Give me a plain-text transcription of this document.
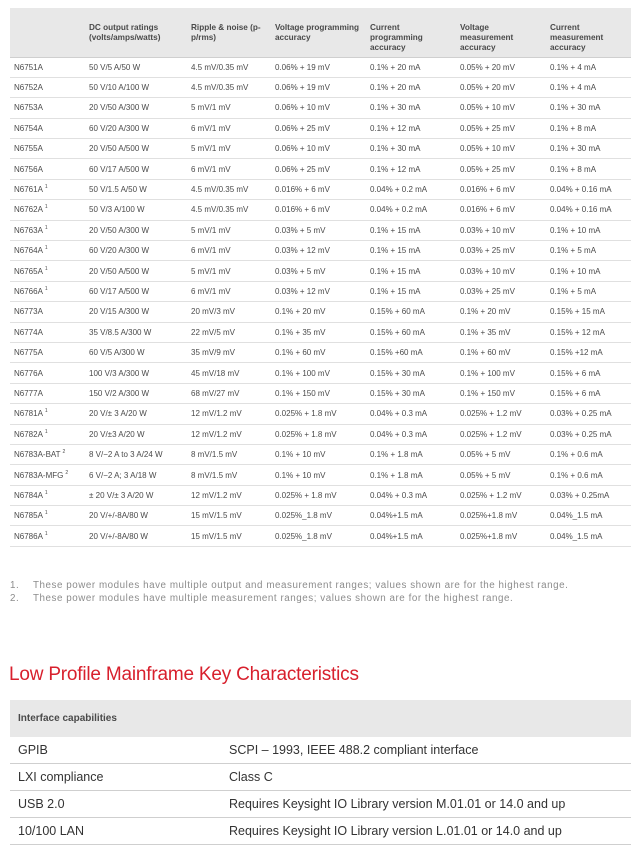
	DC output ratings (volts/amps/watts)	Ripple & noise (p-p/rms)	Voltage programming accuracy	Current programming accuracy	Voltage measurement accuracy	Current measurement accuracy
N6751A	50 V/5 A/50 W	4.5 mV/0.35 mV	0.06% + 19 mV	0.1% + 20 mA	0.05% + 20 mV	0.1% + 4 mA
N6752A	50 V/10 A/100 W	4.5 mV/0.35 mV	0.06% + 19 mV	0.1% + 20 mA	0.05% + 20 mV	0.1% + 4 mA
N6753A	20 V/50 A/300 W	5 mV/1 mV	0.06% + 10 mV	0.1% + 30 mA	0.05% + 10 mV	0.1% + 30 mA
N6754A	60 V/20 A/300 W	6 mV/1 mV	0.06% + 25 mV	0.1% + 12 mA	0.05% + 25 mV	0.1% + 8 mA
N6755A	20 V/50 A/500 W	5 mV/1 mV	0.06% + 10 mV	0.1% + 30 mA	0.05% + 10 mV	0.1% + 30 mA
N6756A	60 V/17 A/500 W	6 mV/1 mV	0.06% + 25 mV	0.1% + 12 mA	0.05% + 25 mV	0.1% + 8 mA
N6761A $^1$	50 V/1.5 A/50 W	4.5 mV/0.35 mV	0.016% + 6 mV	0.04% + 0.2 mA	0.016% + 6 mV	0.04% + 0.16 mA
N6762A $^1$	50 V/3 A/100 W	4.5 mV/0.35 mV	0.016% + 6 mV	0.04% + 0.2 mA	0.016% + 6 mV	0.04% + 0.16 mA
N6763A $^1$	20 V/50 A/300 W	5 mV/1 mV	0.03% + 5 mV	0.1% + 15 mA	0.03% + 10 mV	0.1% + 10 mA
N6764A $^1$	60 V/20 A/300 W	6 mV/1 mV	0.03% + 12 mV	0.1% + 15 mA	0.03% + 25 mV	0.1% + 5 mA
N6765A $^1$	20 V/50 A/500 W	5 mV/1 mV	0.03% + 5 mV	0.1% + 15 mA	0.03% + 10 mV	0.1% + 10 mA
N6766A $^1$	60 V/17 A/500 W	6 mV/1 mV	0.03% + 12 mV	0.1% + 15 mA	0.03% + 25 mV	0.1% + 5 mA
N6773A	20 V/15 A/300 W	20 mV/3 mV	0.1% + 20 mV	0.15% + 60 mA	0.1% + 20 mV	0.15% + 15 mA
N6774A	35 V/8.5 A/300 W	22 mV/5 mV	0.1% + 35 mV	0.15% + 60 mA	0.1% + 35 mV	0.15% + 12 mA
N6775A	60 V/5 A/300 W	35 mV/9 mV	0.1% + 60 mV	0.15% +60 mA	0.1% + 60 mV	0.15% +12 mA
N6776A	100 V/3 A/300 W	45 mV/18 mV	0.1% + 100 mV	0.15% + 30 mA	0.1% + 100 mV	0.15% + 6 mA
N6777A	150 V/2 A/300 W	68 mV/27 mV	0.1% + 150 mV	0.15% + 30 mA	0.1% + 150 mV	0.15% + 6 mA
N6781A $^1$	20 V/± 3 A/20 W	12 mV/1.2 mV	0.025% + 1.8 mV	0.04% + 0.3 mA	0.025% + 1.2 mV	0.03% + 0.25 mA
N6782A $^1$	20 V/±3 A/20 W	12 mV/1.2 mV	0.025% + 1.8 mV	0.04% + 0.3 mA	0.025% + 1.2 mV	0.03% + 0.25 mA
N6783A-BAT $^2$	8 V/−2 A to 3 A/24 W	8 mV/1.5 mV	0.1% + 10 mV	0.1% + 1.8 mA	0.05% + 5 mV	0.1% + 0.6 mA
N6783A-MFG $^2$	6 V/−2 A; 3 A/18 W	8 mV/1.5 mV	0.1% + 10 mV	0.1% + 1.8 mA	0.05% + 5 mV	0.1% + 0.6 mA
N6784A $^1$	± 20 V/± 3 A/20 W	12 mV/1.2 mV	0.025% + 1.8 mV	0.04% + 0.3 mA	0.025% + 1.2 mV	0.03% + 0.25mA
N6785A $^1$	20 V/+/-8A/80 W	15 mV/1.5 mV	0.025%_1.8 mV	0.04%+1.5 mA	0.025%+1.8 mV	0.04%_1.5 mA
N6786A $^1$	20 V/+/-8A/80 W	15 mV/1.5 mV	0.025%_1.8 mV	0.04%+1.5 mA	0.025%+1.8 mV	0.04%_1.5 mA
1.	These power modules have multiple output and measurement ranges; values shown are for the highest range.
2.	These power modules have multiple measurement ranges; values shown are for the highest range.
Low Profile Mainframe Key Characteristics
Interface capabilities
GPIB	SCPI – 1993, IEEE 488.2 compliant interface
LXI compliance	Class C
USB 2.0	Requires Keysight IO Library version M.01.01 or 14.0 and up
10/100 LAN	Requires Keysight IO Library version L.01.01 or 14.0 and up
